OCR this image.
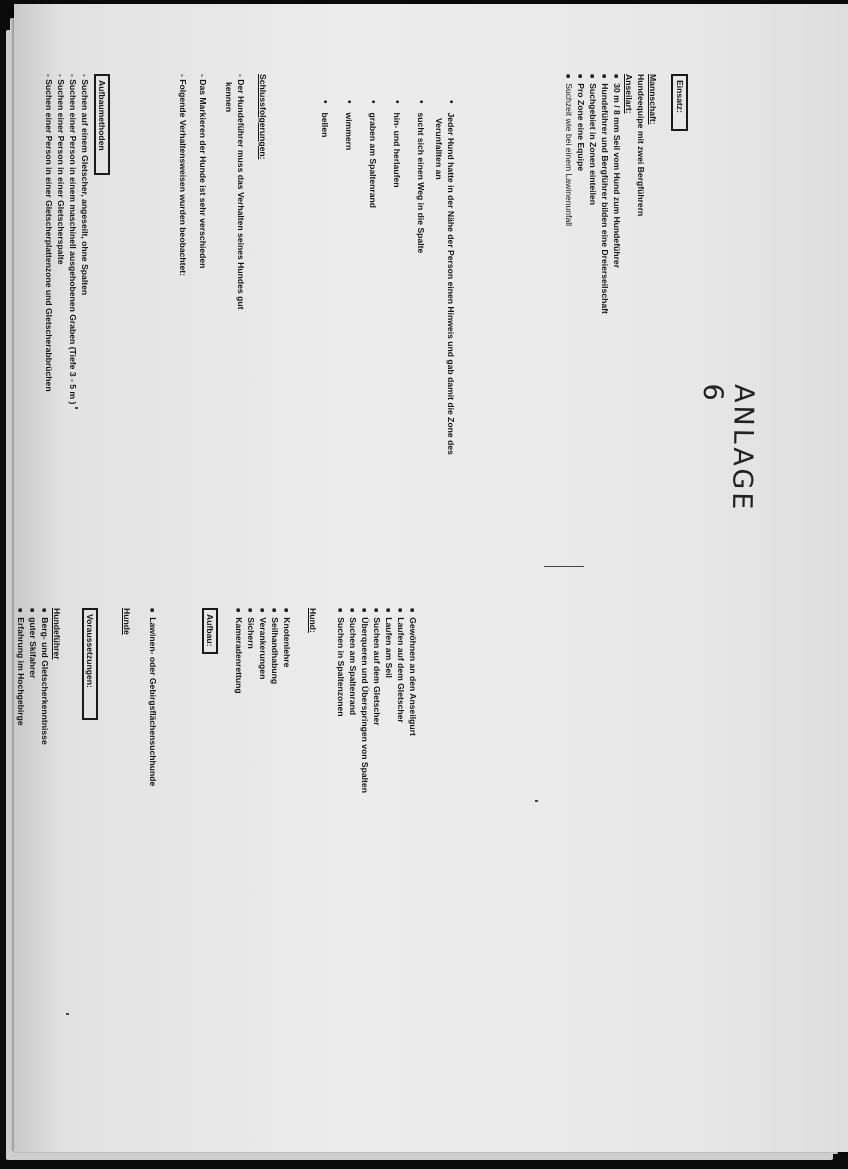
ANLAGE 6
Aufbaumethoden
- Suchen auf einem Gletscher, angeseilt, ohne Spalten
- Suchen einer Person in einem maschinell ausgehobenen Graben (Tiefe 3 - 5 m )
- Suchen einer Person in einer Gletscherspalte
- Suchen einer Person in einer Gletscherplattenzone und Gletscherabbrüchen	Schlussfolgerungen:
- Der Hundeführer muss das Verhalten seines Hundes gut
kennen
- Das Markieren der Hunde ist sehr verschieden
- Folgende Verhaltensweisen wurden beobachtet:	• sucht sich einen Weg in die Spalte
• hin- und herlaufen
• graben am Spaltenrand
• wimmern
• bellen	• Jeder Hund hatte in der Nähe der Person einen Hinweis und gab damit die Zone des
Verunfallten an
Einsatz:
Mannschaft:
Hundeequipe mit zwei Bergführern
Anseilart:
■ 30 m / 8 mm Seil vom Hund zum Hundeführer
■ Hundeführer und Bergführer bilden eine Dreierseilschaft
■ Suchgebiet in Zonen einteilen
■ Pro Zone eine Equipe
■ Suchzeit wie bei einem Lawinenunfall
Voraussetzungen:
Hundeführer
■ Berg- und Gletscherkenntnisse
■ guter Skifahrer
■ Erfahrung im Hochgebirge	Hunde ■ Lawinen- oder Gebirgsflächensuchhunde	Aufbau:	■ Knotenlehre
■ Seilhandhabung
■ Verankerungen
■ Sichern
■ Kameradenrettung	Hund:	■ Gewöhnen an den Anseilgurt
■ Laufen auf dem Gletscher
■ Laufen am Seil
■ Suchen auf dem Gletscher
■ Überqueren und Überspringen von Spalten
■ Suchen am Spaltenrand
■ Suchen in Spaltenzonen
